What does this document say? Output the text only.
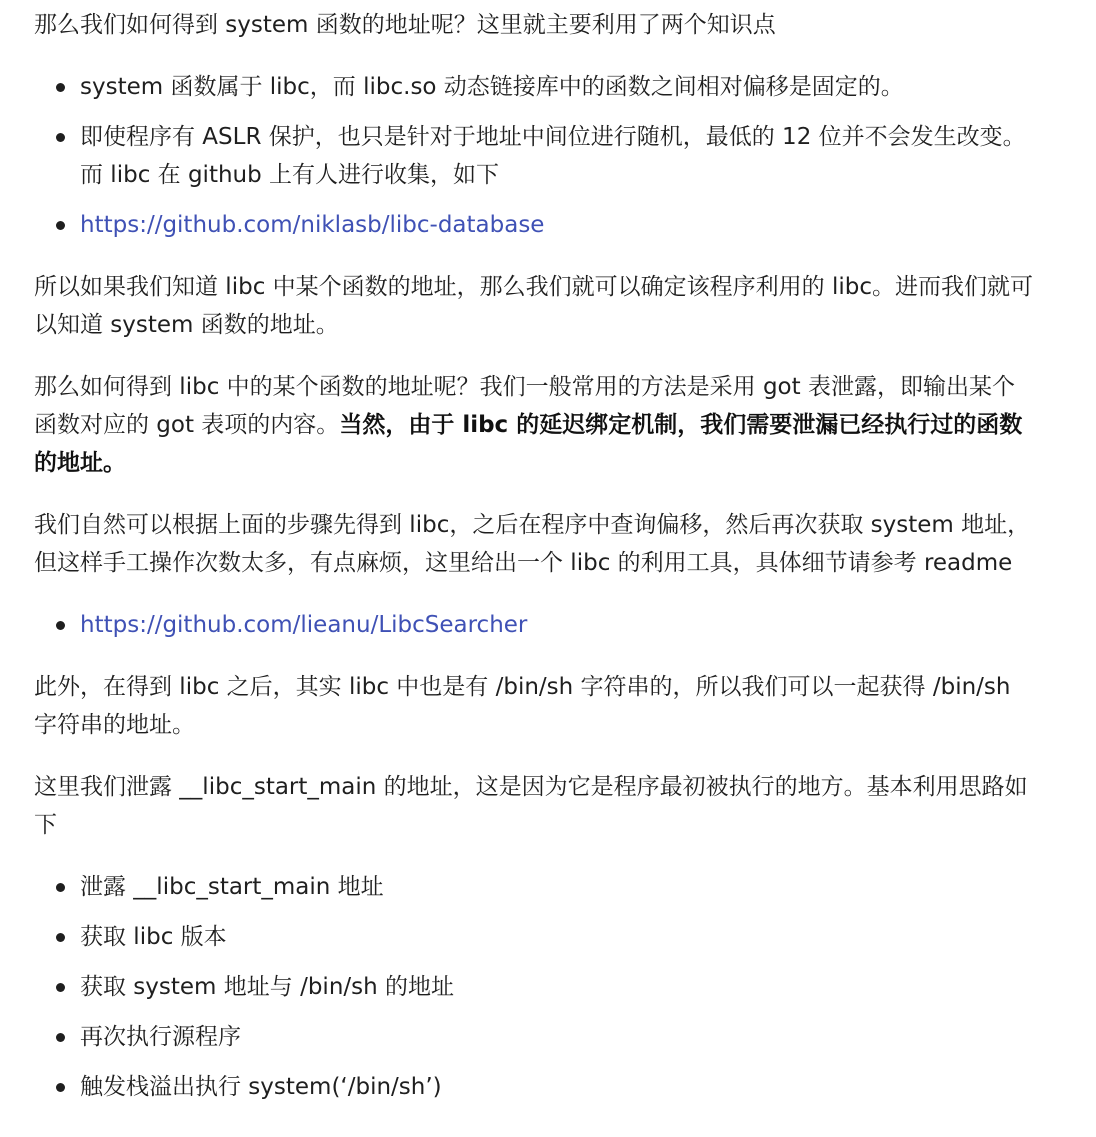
那么我们如何得到 system 函数的地址呢？这里就主要利用了两个知识点
system 函数属于 libc，而 libc.so 动态链接库中的函数之间相对偏移是固定的。
即使程序有 ASLR 保护，也只是针对于地址中间位进行随机，最低的 12 位并不会发生改变。
而 libc 在 github 上有人进行收集，如下
https://github.com/niklasb/libc-database
所以如果我们知道 libc 中某个函数的地址，那么我们就可以确定该程序利用的 libc。进而我们就可
以知道 system 函数的地址。
那么如何得到 libc 中的某个函数的地址呢？我们一般常用的方法是采用 got 表泄露，即输出某个
函数对应的 got 表项的内容。当然，由于 libc 的延迟绑定机制，我们需要泄漏已经执行过的函数
的地址。
我们自然可以根据上面的步骤先得到 libc，之后在程序中查询偏移，然后再次获取 system 地址，
但这样手工操作次数太多，有点麻烦，这里给出一个 libc 的利用工具，具体细节请参考 readme
https://github.com/lieanu/LibcSearcher
此外，在得到 libc 之后，其实 libc 中也是有 /bin/sh 字符串的，所以我们可以一起获得 /bin/sh
字符串的地址。
这里我们泄露 __libc_start_main 的地址，这是因为它是程序最初被执行的地方。基本利用思路如
下
泄露 __libc_start_main 地址
获取 libc 版本
获取 system 地址与 /bin/sh 的地址
再次执行源程序
触发栈溢出执行 system(‘/bin/sh’)
